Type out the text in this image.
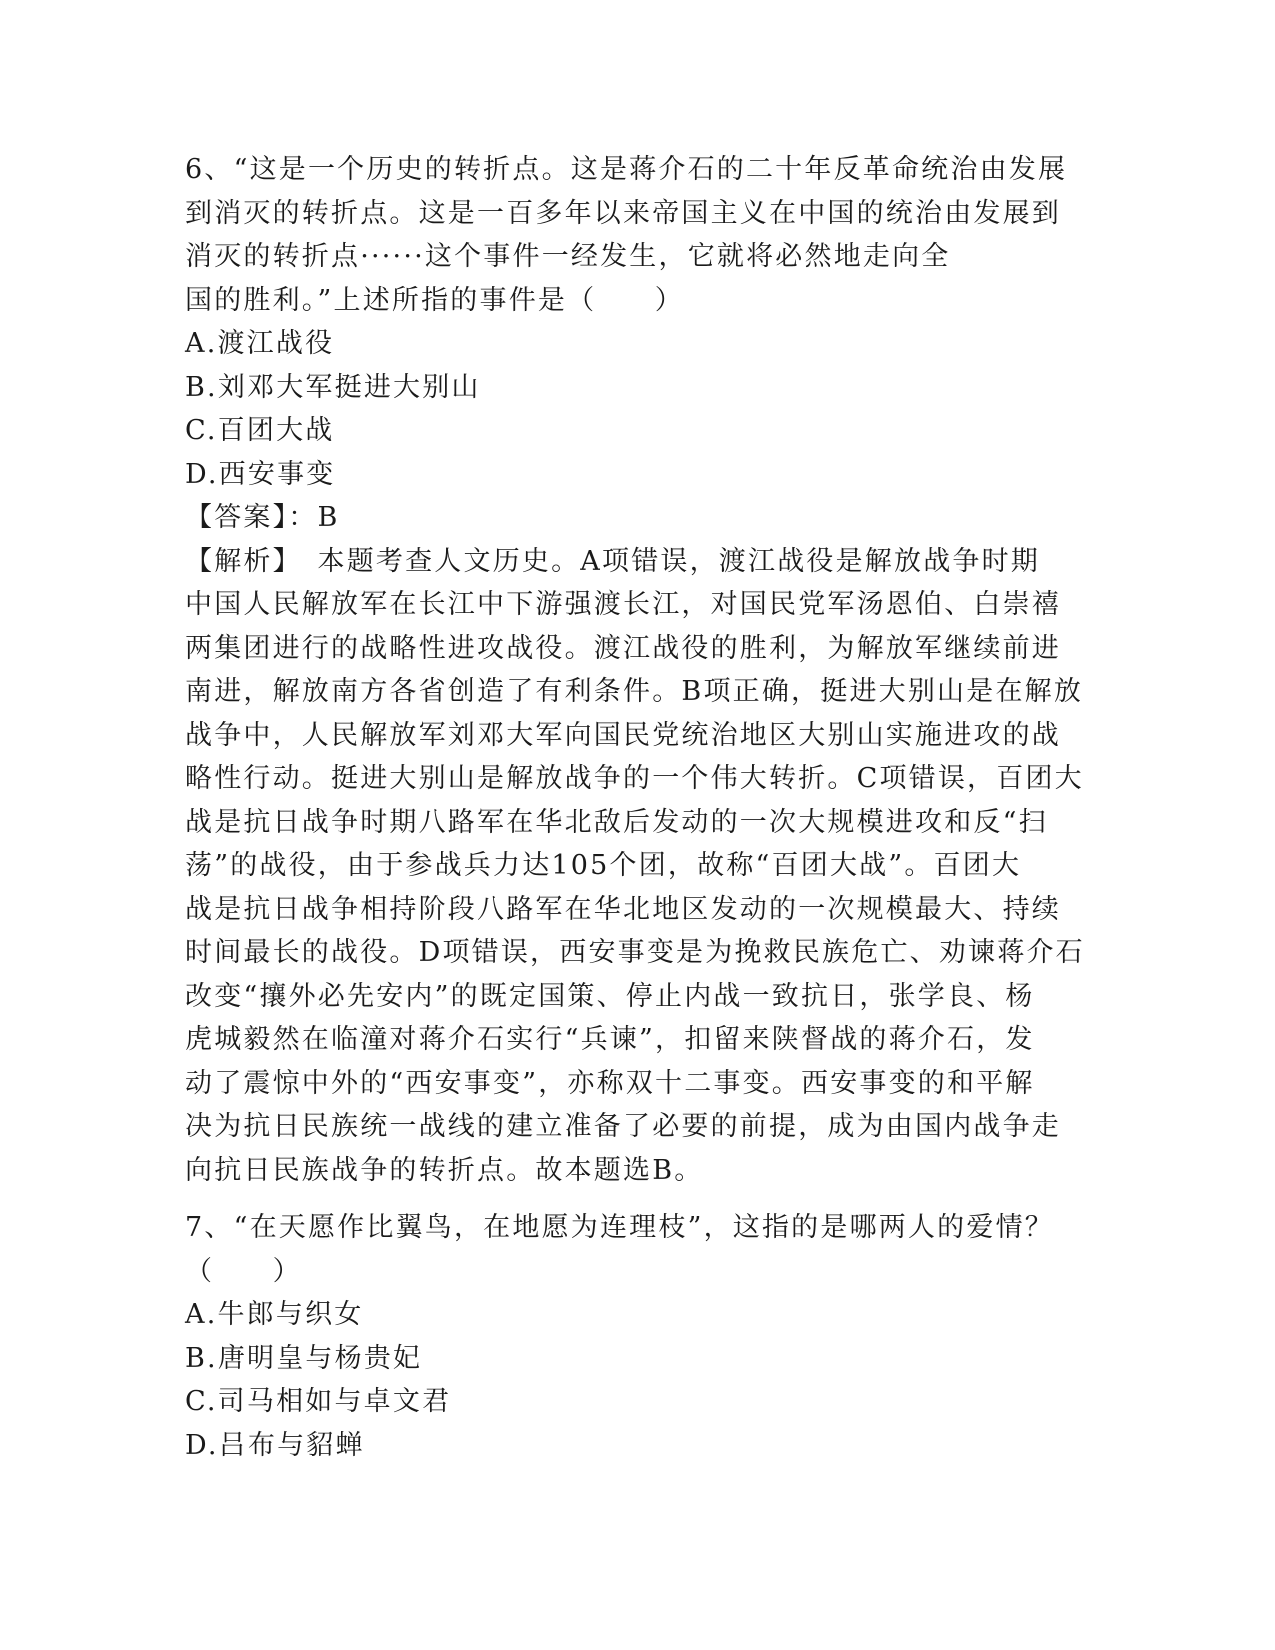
6、“这是一个历史的转折点。这是蒋介石的二十年反革命统治由发展

到消灭的转折点。这是一百多年以来帝国主义在中国的统治由发展到

消灭的转折点······这个事件一经发生，它就将必然地走向全

国的胜利。”上述所指的事件是（　　）

A.渡江战役

B.刘邓大军挺进大别山

C.百团大战

D.西安事变

【答案】：B

【解析】　本题考查人文历史。A项错误，渡江战役是解放战争时期

中国人民解放军在长江中下游强渡长江，对国民党军汤恩伯、白崇禧

两集团进行的战略性进攻战役。渡江战役的胜利，为解放军继续前进

南进，解放南方各省创造了有利条件。B项正确，挺进大别山是在解放

战争中，人民解放军刘邓大军向国民党统治地区大别山实施进攻的战

略性行动。挺进大别山是解放战争的一个伟大转折。C项错误，百团大

战是抗日战争时期八路军在华北敌后发动的一次大规模进攻和反“扫

荡”的战役，由于参战兵力达105个团，故称“百团大战”。百团大

战是抗日战争相持阶段八路军在华北地区发动的一次规模最大、持续

时间最长的战役。D项错误，西安事变是为挽救民族危亡、劝谏蒋介石

改变“攘外必先安内”的既定国策、停止内战一致抗日，张学良、杨

虎城毅然在临潼对蒋介石实行“兵谏”，扣留来陕督战的蒋介石，发

动了震惊中外的“西安事变”，亦称双十二事变。西安事变的和平解

决为抗日民族统一战线的建立准备了必要的前提，成为由国内战争走

向抗日民族战争的转折点。故本题选B。

7、“在天愿作比翼鸟，在地愿为连理枝”，这指的是哪两人的爱情？

（　　）

A.牛郎与织女

B.唐明皇与杨贵妃

C.司马相如与卓文君

D.吕布与貂蝉
